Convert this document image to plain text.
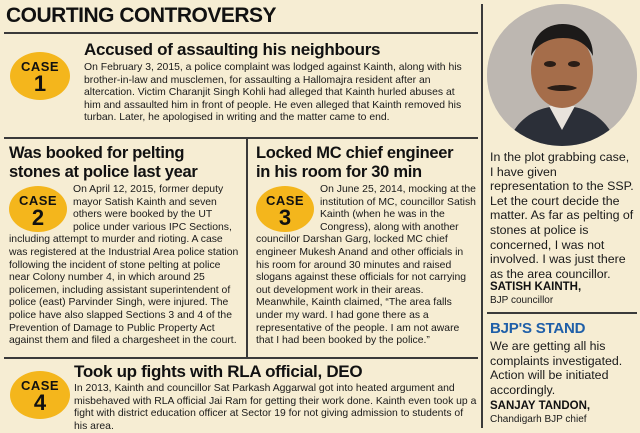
COURTING CONTROVERSY
CASE
1
Accused of assaulting his neighbours
On February 3, 2015, a police complaint was lodged against Kainth, along with his brother-in-law and musclemen, for assaulting a Hallomajra resident after an altercation. Victim Charanjit Singh Kohli had alleged that Kainth hurled abuses at him and assaulted him in front of people. He even alleged that Kainth removed his turban. Later, he apologised in writing and the matter came to end.
Was booked for pelting
stones at police last year
CASE
2
On April 12, 2015, former deputy mayor Satish Kainth and seven others were booked by the UT police under various IPC Sections, including attempt to murder and rioting. A case was registered at the Industrial Area police station following the incident of stone pelting at police near Colony number 4, in which around 25 policemen, including assistant superintendent of police (east) Parvinder Singh, were injured. The police have also slapped Sections 3 and 4 of the Prevention of Damage to Public Property Act against them and filed a chargesheet in the court.
Locked MC chief engineer
in his room for 30 min
CASE
3
On June 25, 2014, mocking at the institution of MC, councillor Satish Kainth (when he was in the Congress), along with another councillor Darshan Garg, locked MC chief engineer Mukesh Anand and other officials in his room for around 30 minutes and raised slogans against these officials for not carrying out development work in their areas. Meanwhile, Kainth claimed, “The area falls under my ward. I had gone there as a representative of the people. I am not aware that I had been booked by the police.”
CASE
4
Took up fights with RLA official, DEO
In 2013, Kainth and councillor Sat Parkash Aggarwal got into heated argument and misbehaved with RLA official Jai Ram for getting their work done. Kainth even took up a fight with district education officer at Sector 19 for not giving admission to students of his area.
In the plot grabbing case, I have given representation to the SSP. Let the court decide the matter. As far as pelting of stones at police is concerned, I was not involved. I was just there as the area councillor.
SATISH KAINTH,
BJP councillor
BJP'S STAND
We are getting all his complaints investigated. Action will be initiated accordingly.
SANJAY TANDON,
Chandigarh BJP chief
